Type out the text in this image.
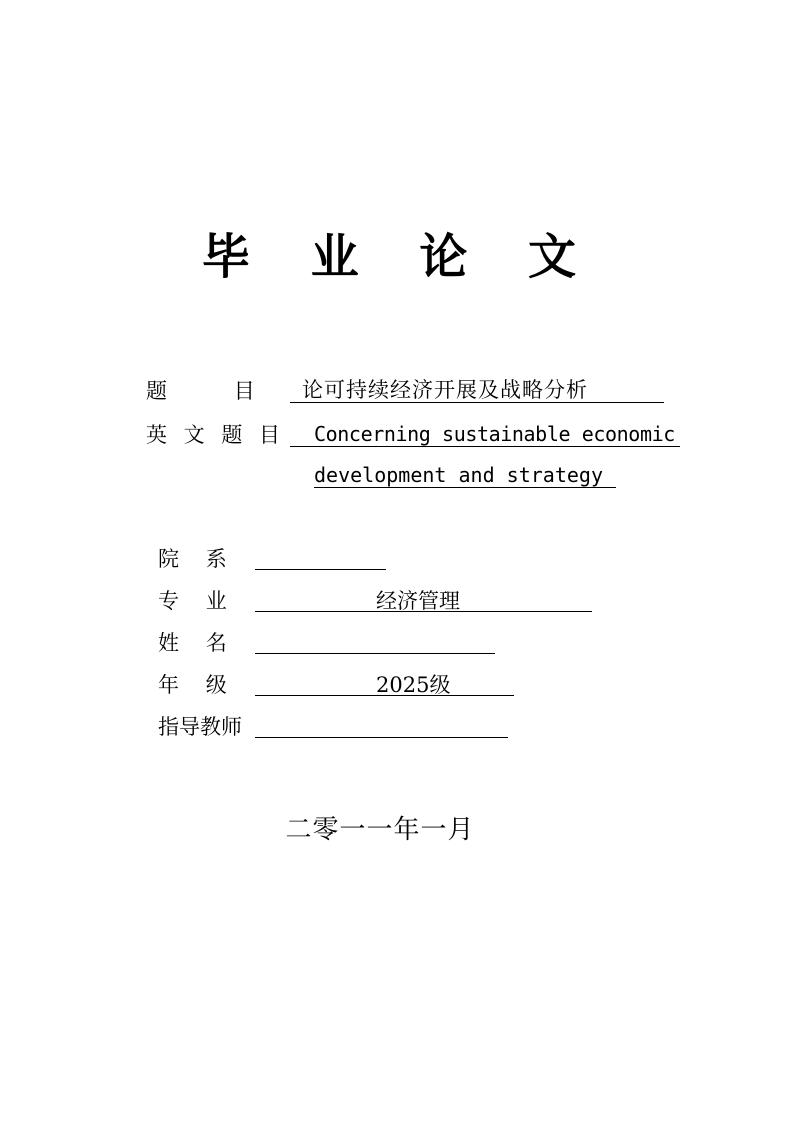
毕 业 论 文
题          目 论可持续经济开展及战略分析
英 文 题 目 Concerning sustainable economic
development and strategy
院    系
专    业	经济管理
姓    名
年    级	2025级
指导教师
二零一一年一月
